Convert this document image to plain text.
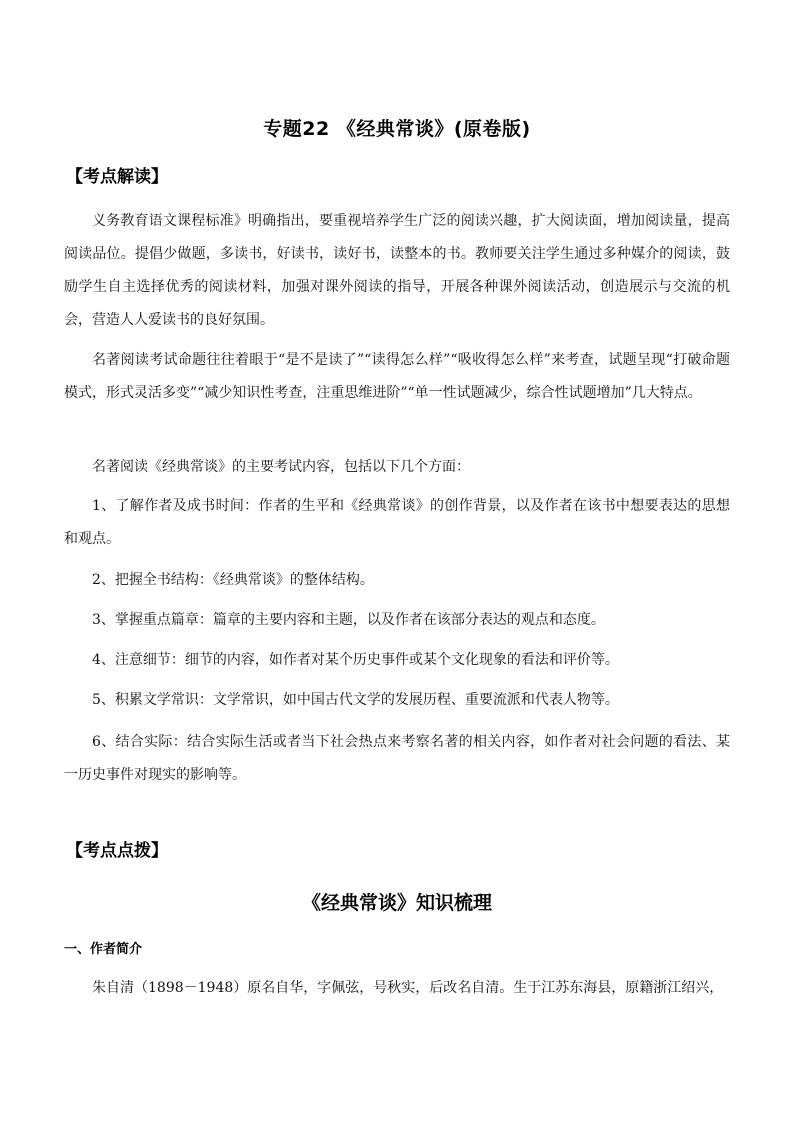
专题22 《经典常谈》(原卷版)
【考点解读】
义务教育语文课程标准》明确指出，要重视培养学生广泛的阅读兴趣，扩大阅读面，增加阅读量，提高阅读品位。提倡少做题，多读书，好读书，读好书，读整本的书。教师要关注学生通过多种媒介的阅读，鼓励学生自主选择优秀的阅读材料，加强对课外阅读的指导，开展各种课外阅读活动，创造展示与交流的机会，营造人人爱读书的良好氛围。
名著阅读考试命题往往着眼于“是不是读了”“读得怎么样”“吸收得怎么样”来考查，试题呈现“打破命题模式，形式灵活多变”“减少知识性考查，注重思维进阶”“单一性试题减少，综合性试题增加”几大特点。
名著阅读《经典常谈》的主要考试内容，包括以下几个方面：
1、了解作者及成书时间：作者的生平和《经典常谈》的创作背景，以及作者在该书中想要表达的思想和观点。
2、把握全书结构：《经典常谈》的整体结构。
3、掌握重点篇章：篇章的主要内容和主题，以及作者在该部分表达的观点和态度。
4、注意细节：细节的内容，如作者对某个历史事件或某个文化现象的看法和评价等。
5、积累文学常识：文学常识，如中国古代文学的发展历程、重要流派和代表人物等。
6、结合实际：结合实际生活或者当下社会热点来考察名著的相关内容，如作者对社会问题的看法、某一历史事件对现实的影响等。
【考点点拨】
《经典常谈》知识梳理
一、作者简介
朱自清（1898－1948）原名自华，字佩弦，号秋实，后改名自清。生于江苏东海县，原籍浙江绍兴，
